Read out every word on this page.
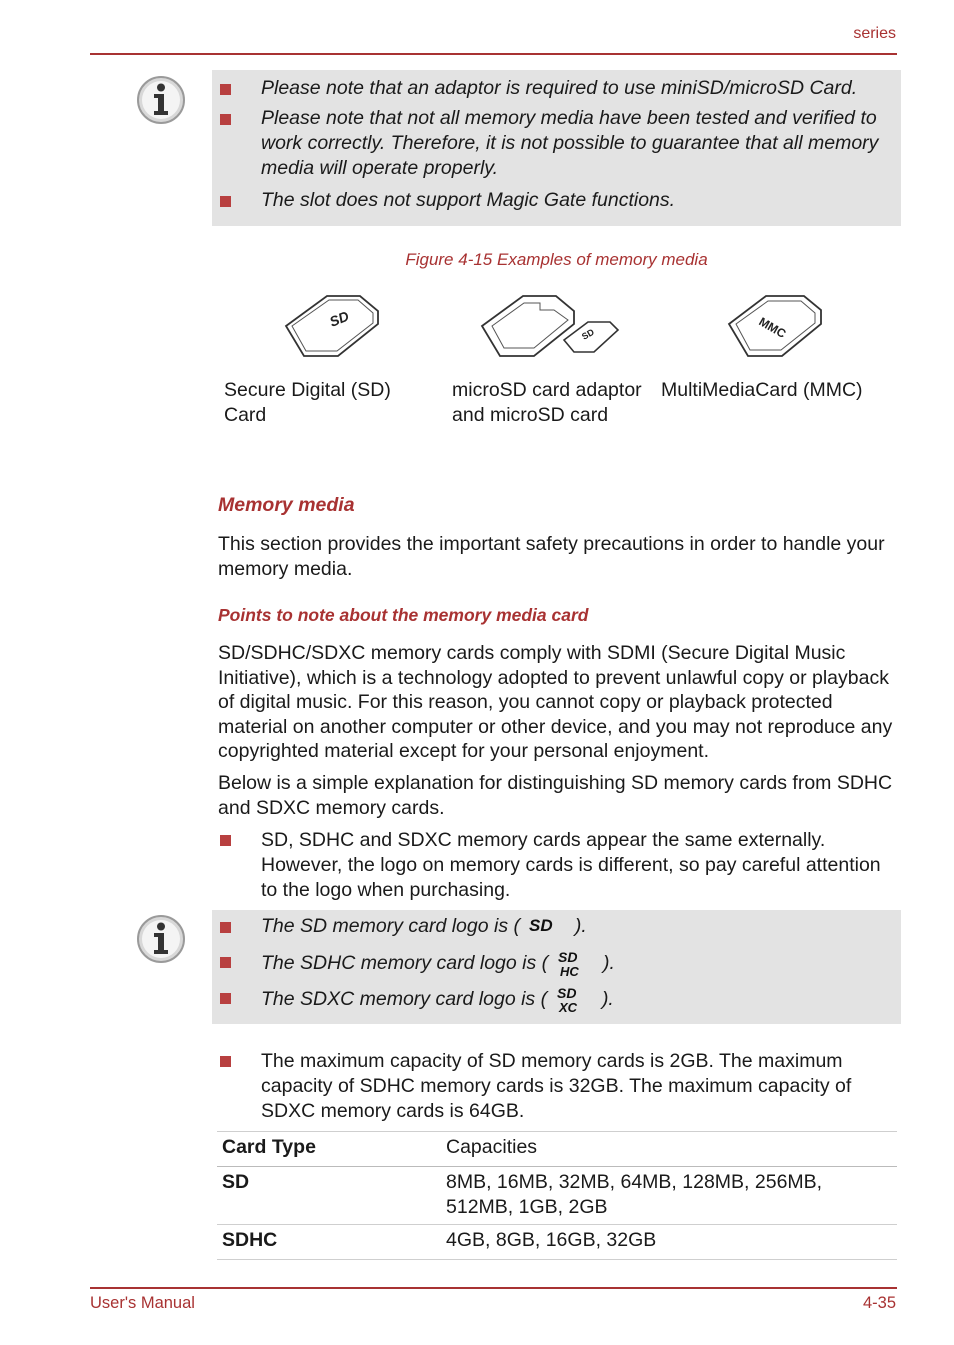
series
Please note that an adaptor is required to use miniSD/microSD Card.
Please note that not all memory media have been tested and verified to work correctly. Therefore, it is not possible to guarantee that all memory media will operate properly.
The slot does not support Magic Gate functions.
Figure 4-15 Examples of memory media
SD
SD	MMC
Secure Digital (SD) Card
microSD card adaptor and microSD card
MultiMediaCard (MMC)
Memory media
This section provides the important safety precautions in order to handle your memory media.
Points to note about the memory media card
SD/SDHC/SDXC memory cards comply with SDMI (Secure Digital Music Initiative), which is a technology adopted to prevent unlawful copy or playback of digital music. For this reason, you cannot copy or playback protected material on another computer or other device, and you may not reproduce any copyrighted material except for your personal enjoyment.
Below is a simple explanation for distinguishing SD memory cards from SDHC and SDXC memory cards.
SD, SDHC and SDXC memory cards appear the same externally. However, the logo on memory cards is different, so pay careful attention to the logo when purchasing.
The SD memory card logo is ( SD ).
The SDHC memory card logo is ( SD
HC ).
The SDXC memory card logo is ( SD
XC ).
The maximum capacity of SD memory cards is 2GB. The maximum capacity of SDHC memory cards is 32GB. The maximum capacity of SDXC memory cards is 64GB.
Card Type	Capacities
SD	8MB, 16MB, 32MB, 64MB, 128MB, 256MB, 512MB, 1GB, 2GB
SDHC	4GB, 8GB, 16GB, 32GB
User's Manual	4-35
